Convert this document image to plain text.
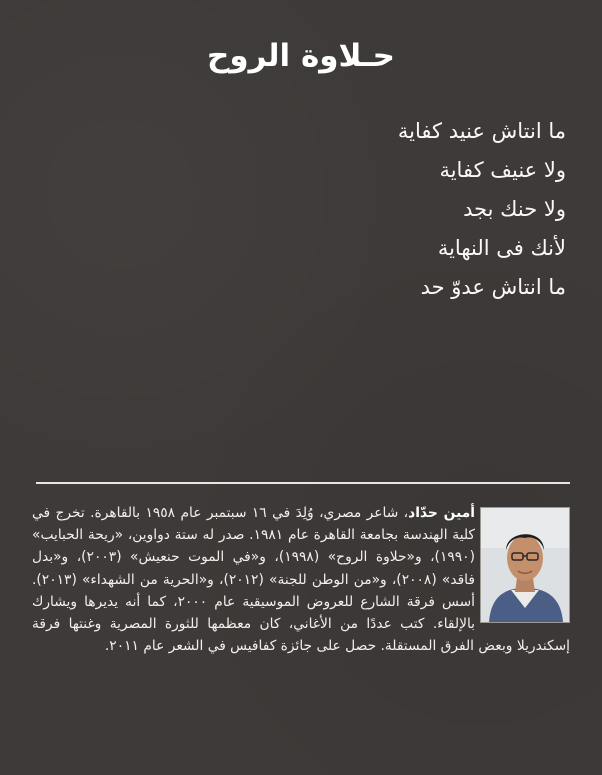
حـلاوة الروح
ما انتاش عنيد كفاية
ولا عنيف كفاية
ولا حنك بجد
لأنك فى النهاية
ما انتاش عدوّ حد
أمين حدّاد، شاعر مصري، وُلِدَ في ١٦ سبتمبر عام ١٩٥٨ بالقاهرة. تخرج في كلية الهندسة بجامعة القاهرة عام ١٩٨١. صدر له ستة دواوين، «ريحة الحبايب» (١٩٩٠)، و«حلاوة الروح» (١٩٩٨)، و«في الموت حنعيش» (٢٠٠٣)، و«بدل فاقد» (٢٠٠٨)، و«من الوطن للجنة» (٢٠١٢)، و«الحرية من الشهداء» (٢٠١٣). أسس فرقة الشارع للعروض الموسيقية عام ٢٠٠٠، كما أنه يديرها ويشارك بالإلقاء. كتب عددًا من الأغاني، كان معظمها للثورة المصرية وغنتها فرقة إسكندريلا وبعض الفرق المستقلة. حصل على جائزة كفافيس في الشعر عام ٢٠١١.
